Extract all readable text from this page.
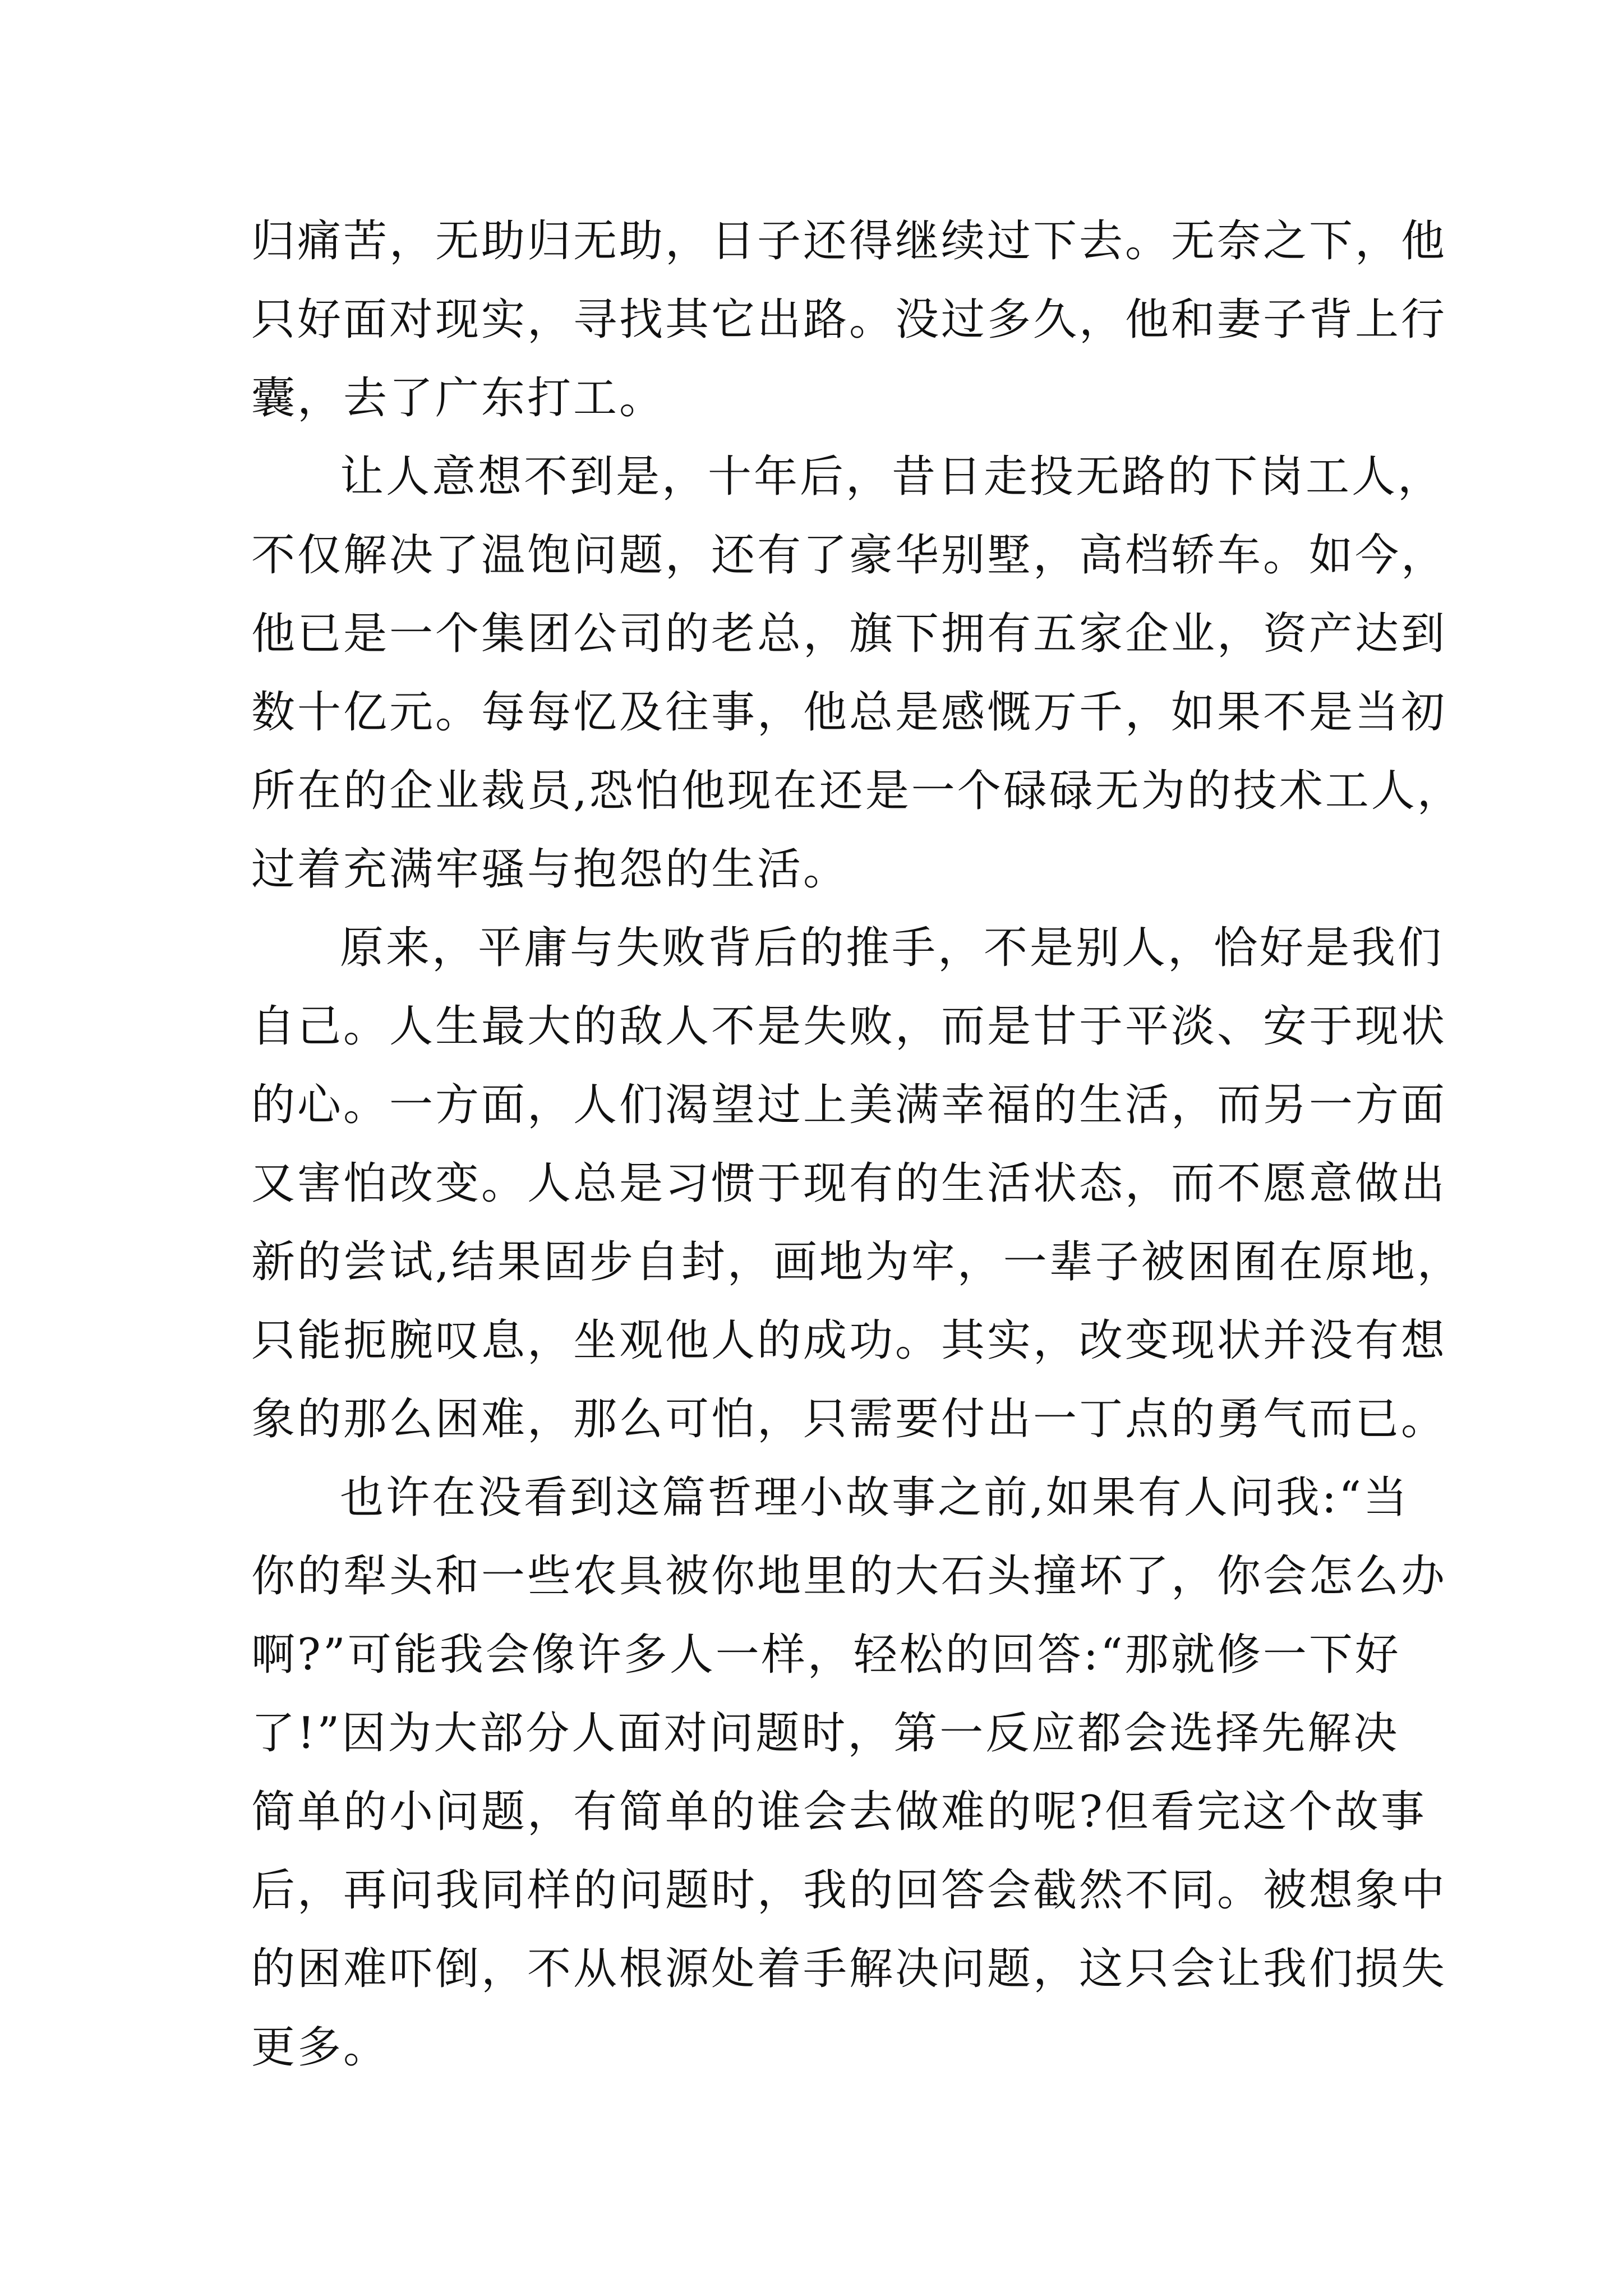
归痛苦，无助归无助，日子还得继续过下去。无奈之下，他
只好面对现实，寻找其它出路。没过多久，他和妻子背上行
囊，去了广东打工。
让人意想不到是，十年后，昔日走投无路的下岗工人，
不仅解决了温饱问题，还有了豪华别墅，高档轿车。如今，
他已是一个集团公司的老总，旗下拥有五家企业，资产达到
数十亿元。每每忆及往事，他总是感慨万千，如果不是当初
所在的企业裁员,恐怕他现在还是一个碌碌无为的技术工人，
过着充满牢骚与抱怨的生活。
原来，平庸与失败背后的推手，不是别人，恰好是我们
自己。人生最大的敌人不是失败，而是甘于平淡、安于现状
的心。一方面，人们渴望过上美满幸福的生活，而另一方面
又害怕改变。人总是习惯于现有的生活状态，而不愿意做出
新的尝试,结果固步自封，画地为牢，一辈子被困囿在原地，
只能扼腕叹息，坐观他人的成功。其实，改变现状并没有想
象的那么困难，那么可怕，只需要付出一丁点的勇气而已。
也许在没看到这篇哲理小故事之前,如果有人问我:“当
你的犁头和一些农具被你地里的大石头撞坏了，你会怎么办
啊?”可能我会像许多人一样，轻松的回答:“那就修一下好
了!”因为大部分人面对问题时，第一反应都会选择先解决
简单的小问题，有简单的谁会去做难的呢?但看完这个故事
后，再问我同样的问题时，我的回答会截然不同。被想象中
的困难吓倒，不从根源处着手解决问题，这只会让我们损失
更多。
